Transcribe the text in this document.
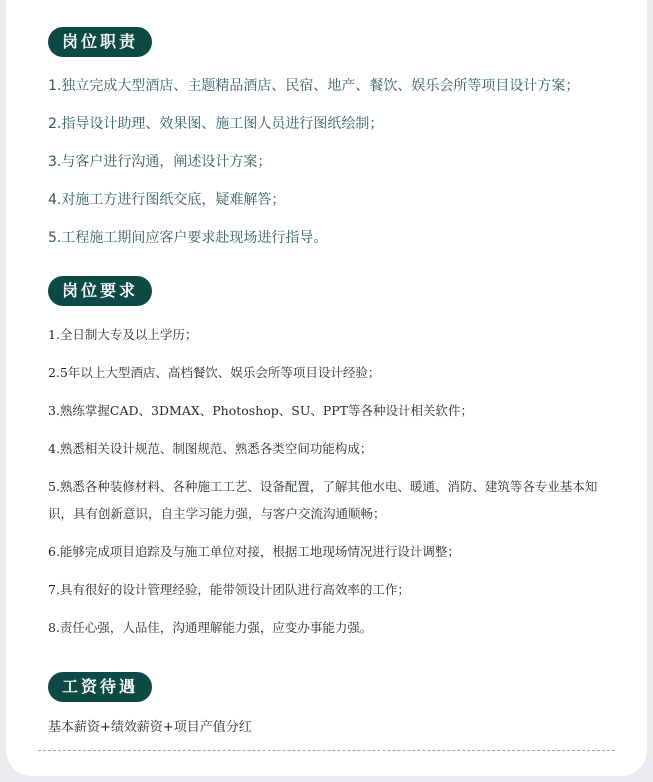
岗位职责
1.独立完成大型酒店、主题精品酒店、民宿、地产、餐饮、娱乐会所等项目设计方案；
2.指导设计助理、效果图、施工图人员进行图纸绘制；
3.与客户进行沟通，阐述设计方案；
4.对施工方进行图纸交底，疑难解答；
5.工程施工期间应客户要求赴现场进行指导。
岗位要求
1.全日制大专及以上学历；
2.5年以上大型酒店、高档餐饮、娱乐会所等项目设计经验；
3.熟练掌握CAD、3DMAX、Photoshop、SU、PPT等各种设计相关软件；
4.熟悉相关设计规范、制图规范、熟悉各类空间功能构成；
5.熟悉各种装修材料、各种施工工艺、设备配置，了解其他水电、暖通、消防、建筑等各专业基本知识，具有创新意识，自主学习能力强，与客户交流沟通顺畅；
6.能够完成项目追踪及与施工单位对接，根据工地现场情况进行设计调整；
7.具有很好的设计管理经验，能带领设计团队进行高效率的工作；
8.责任心强，人品佳，沟通理解能力强，应变办事能力强。
工资待遇
基本薪资+绩效薪资+项目产值分红
